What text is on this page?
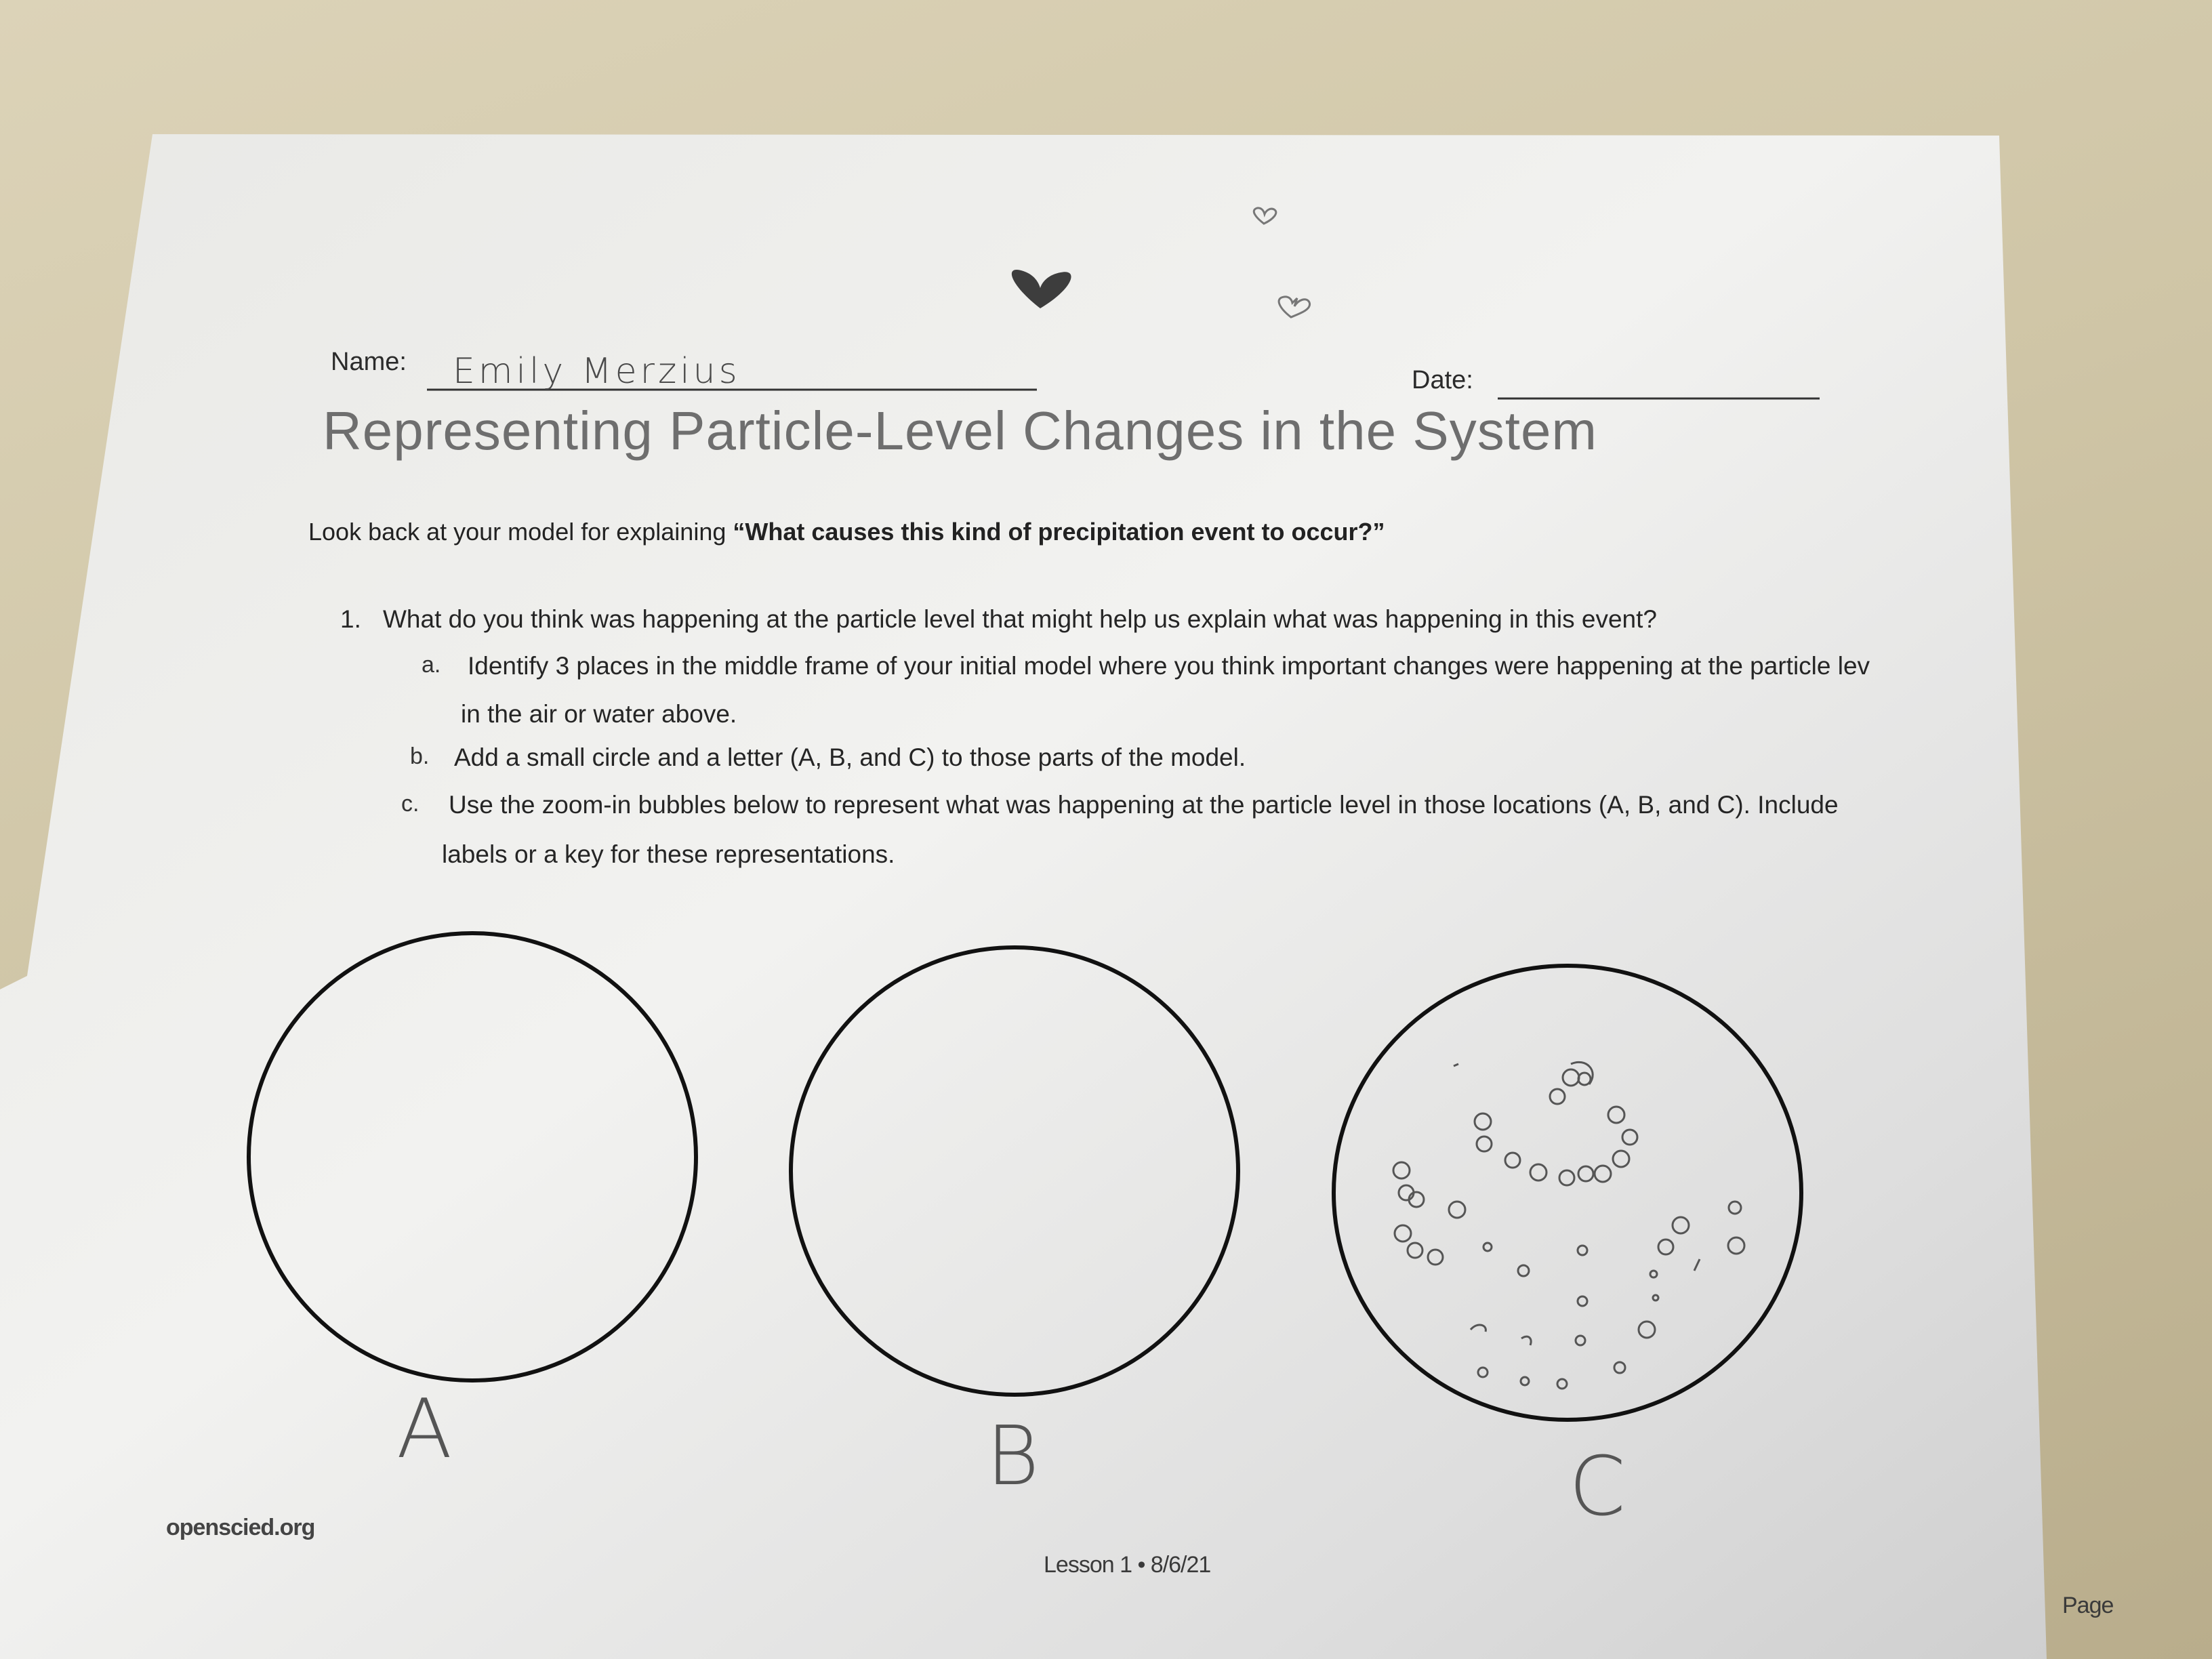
Name: Emily Merzius	Date:
Representing Particle-Level Changes in the System
Look back at your model for explaining “What causes this kind of precipitation event to occur?”
1. What do you think was happening at the particle level that might help us explain what was happening in this event?
a. Identify 3 places in the middle frame of your initial model where you think important changes were happening at the particle lev
in the air or water above.
b. Add a small circle and a letter (A, B, and C) to those parts of the model.
c. Use the zoom-in bubbles below to represent what was happening at the particle level in those locations (A, B, and C). Include
labels or a key for these representations.
A	B	C
openscied.org
Lesson 1 • 8/6/21
Page
